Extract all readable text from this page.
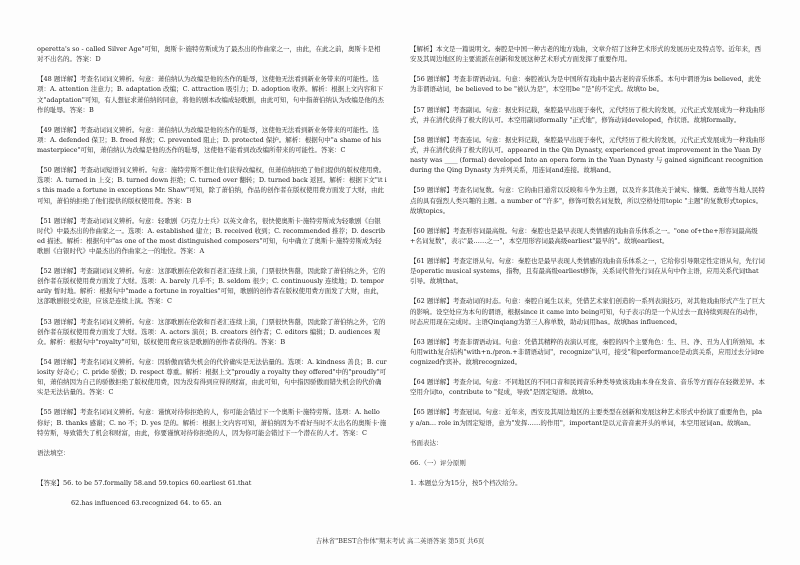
operetta's so - called Silver Age"可知，奥斯卡·施特劳斯成为了最杰出的作曲家之一，由此，在此之前，奥斯卡是相对不出名的。答案：D

【48 题详解】考查名词词义辨析。句意：萧伯纳认为改编是他的杰作的耻辱，这使他无法看到新业务带来的可能性。选项：A. attention 注意力；B. adaptation 改编；C. attraction 吸引力；D. adoption 收养。解析：根据上文内容和下文"adaptation"可知，有人想征求萧伯纳的同意，将他的剧本改编成轻歌剧，由此可知，句中指萧伯纳认为改编是他的杰作的耻辱。答案：B

【49 题详解】考查动词词义辨析。句意：萧伯纳认为改编是他的杰作的耻辱，这使他无法看到新业务带来的可能性。选项：A. defended 保卫；B. freed 释放；C. prevented 阻止；D. protected 保护。解析：根据句中"a shame of his masterpiece"可知，萧伯纳认为改编是他的杰作的耻辱，这使他不能看到改改编所带来的可能性。答案：C

【50 题详解】考查动词短语词义辨析。句意：施特劳斯不想让他们获得改编权，但萧伯纳拒绝了他们提供的版权使用费。选项：A. turned in 上交；B. turned down 拒绝；C. turned over 翻转；D. turned back 返回。解析：根据下文"it is this made a fortune in exceptions Mr. Shaw"可知，除了萧伯纳，作品的创作者在版权使用费方面发了大财，由此可知，萧伯纳拒绝了他们提供的版权使用费。答案：B

【51 题详解】考查动词词义辨析。句意：轻歌剧《巧克力士兵》以英文命名，很快使奥斯卡·施特劳斯成为轻歌剧《白银时代》中最杰出的作曲家之一。选项：A. established 建立；B. received 收到；C. recommended 推荐；D. described 描述。解析：根据句中"as one of the most distinguished composers"可知，句中确立了奥斯卡·施特劳斯成为轻歌剧《白银时代》中最杰出的作曲家之一的地位。答案：A

【52 题详解】考查副词词义辨析。句意：这部歌剧在伦敦和百老汇连续上演，门票很快售罄，因此除了萧伯纳之外，它的创作者在版权使用费方面发了大财。选项：A. barely 几乎不；B. seldom 很少；C. continuously 连续地；D. temporarily 暂时地。解析：根据句中"made a fortune in royalties"可知，歌剧的创作者在版权使用费方面发了大财，由此，这部歌剧很受欢迎，应该是连续上演。答案：C

【53 题详解】考查名词词义辨析。句意：这部歌剧在伦敦和百老汇连续上演，门票很快售罄，因此除了萧伯纳之外，它的创作者在版权使用费方面发了大财。选项：A. actors 演员；B. creators 创作者；C. editors 编辑；D. audiences 观众。解析：根据句中"royalty"可知，版权使用费应该是歌剧的创作者获得的。答案：B

【54 题详解】考查名词词义辨析。句意：因骄傲而错失机会的代价确实是无法估量的。选项：A. kindness 善良；B. curiosity 好奇心；C. pride 骄傲；D. respect 尊重。解析：根据上文"proudly a royalty they offered"中的"proudly"可知，萧伯纳因为自己的骄傲拒绝了版权使用费，因为没有得到应得的财富，由此可知，句中指因骄傲而错失机会的代价确实是无法估量的。答案：C

【55 题详解】考查名词词义辨析。句意：谨慎对待你拒绝的人，你可能会错过下一个奥斯卡·施特劳斯。选项：A. hello 你好；B. thanks 感谢；C. no 不；D. yes 是的。解析：根据上文内容可知，萧伯纳因为不看好当时不太出名的奥斯卡·施特劳斯，导致错失了机会和财富，由此，你要谨慎对待你拒绝的人，因为你可能会错过下一个潜在的人才。答案：C

语法填空：

【答案】56. to be 57.formally 58.and 59.topics 60.earliest 61.that

62.has influenced 63.recognized 64. to 65. an

【解析】本文是一篇说明文。秦腔是中国一种古老的地方戏曲，文章介绍了这种艺术形式的发展历史及特点等。近年来，西安及其周边地区的主要流派在创新和发展这种艺术形式方面发挥了重要作用。

【56 题详解】考查非谓语动词。句意：秦腔被认为是中国所有戏曲中最古老的音乐体系。本句中谓语为is believed，此处为非谓语动词，be believed to be "被认为是"，本空用be "是"的不定式。故填to be。

【57 题详解】考查副词。句意：据史料记载，秦腔最早出现于秦代，元代经历了极大的发展，元代正式发展成为一种戏曲形式，并在清代获得了极大的认可。本空用副词formally "正式地"，修饰动词developed，作状语。故填formally。

【58 题详解】考查连词。句意：据史料记载，秦腔最早出现于秦代，元代经历了极大的发展，元代正式发展成为一种戏曲形式，并在清代获得了极大的认可。appeared in the Qin Dynasty, experienced great improvement in the Yuan Dynasty was ____ (formal) developed Into an opera form in the Yuan Dynasty 与 gained significant recognition during the Qing Dynasty 为并列关系，用连词and连接。故填and。

【59 题详解】考查名词复数。句意：它的曲目通常以反映和斗争为主题，以及许多其他关于诚实、慷慨、勇敢等当地人民特点的具有强烈人类兴趣的主题。a number of "许多"，修饰可数名词复数，所以空格处用topic "主题"的复数形式topics。故填topics。

【60 题详解】考查形容词最高级。句意：秦腔也是最早表现人类情感的戏曲音乐体系之一。"one of+the+形容词最高级+名词复数"，表示"最……之一"，本空用形容词最高级earliest"最早的"。故填earliest。

【61 题详解】考查定语从句。句意：秦腔也是最早表现人类情感的戏曲音乐体系之一，它给你引导限定性定语从句，先行词是operatic musical systems，指物，且有最高级earliest修饰，关系词代替先行词在从句中作主语，应用关系代词that引导。故填that。

【62 题详解】考查动词的时态。句意：秦腔自诞生以来，凭借艺术家们创造的一系列表演技巧，对其他戏曲形式产生了巨大的影响。设空处应为本句的谓语，根据since it came into being可知，句子表示的是一个从过去一直持续到现在的动作，时态应用现在完成时。主语Qinqiang为第三人称单数，助动词用has。故填has influenced。

【63 题详解】考查非谓语动词。句意：凭借其精粹的表演认可度，秦腔的四个主要角色：生、旦、净、丑为人们所熟知。本句用with复合结构"with+n./pron.+非谓语动词"，recognize"认可，接受"和performance是动宾关系，应用过去分词recognized作宾补。故填recognized。

【64 题详解】考查介词。句意：不同地区的不同口音和民间音乐种类导致该戏曲本身在发音、音乐等方面存在轻微差异。本空用介词to，contribute to "促成，导致"是固定短语。故填to。

【65 题详解】考查冠词。句意：近年来，西安及其周边地区的主要类型在创新和发展这种艺术形式中扮演了重要角色，play a/an... role in为固定短语，意为"发挥……的作用"，important是以元音音素开头的单词，本空用冠词an。故填an。

书面表达：

66.（一）评分原则

1. 本题总分为15分，按5个档次给分。

吉林省"BEST合作体"期末考试 高二英语答案 第5页 共6页
